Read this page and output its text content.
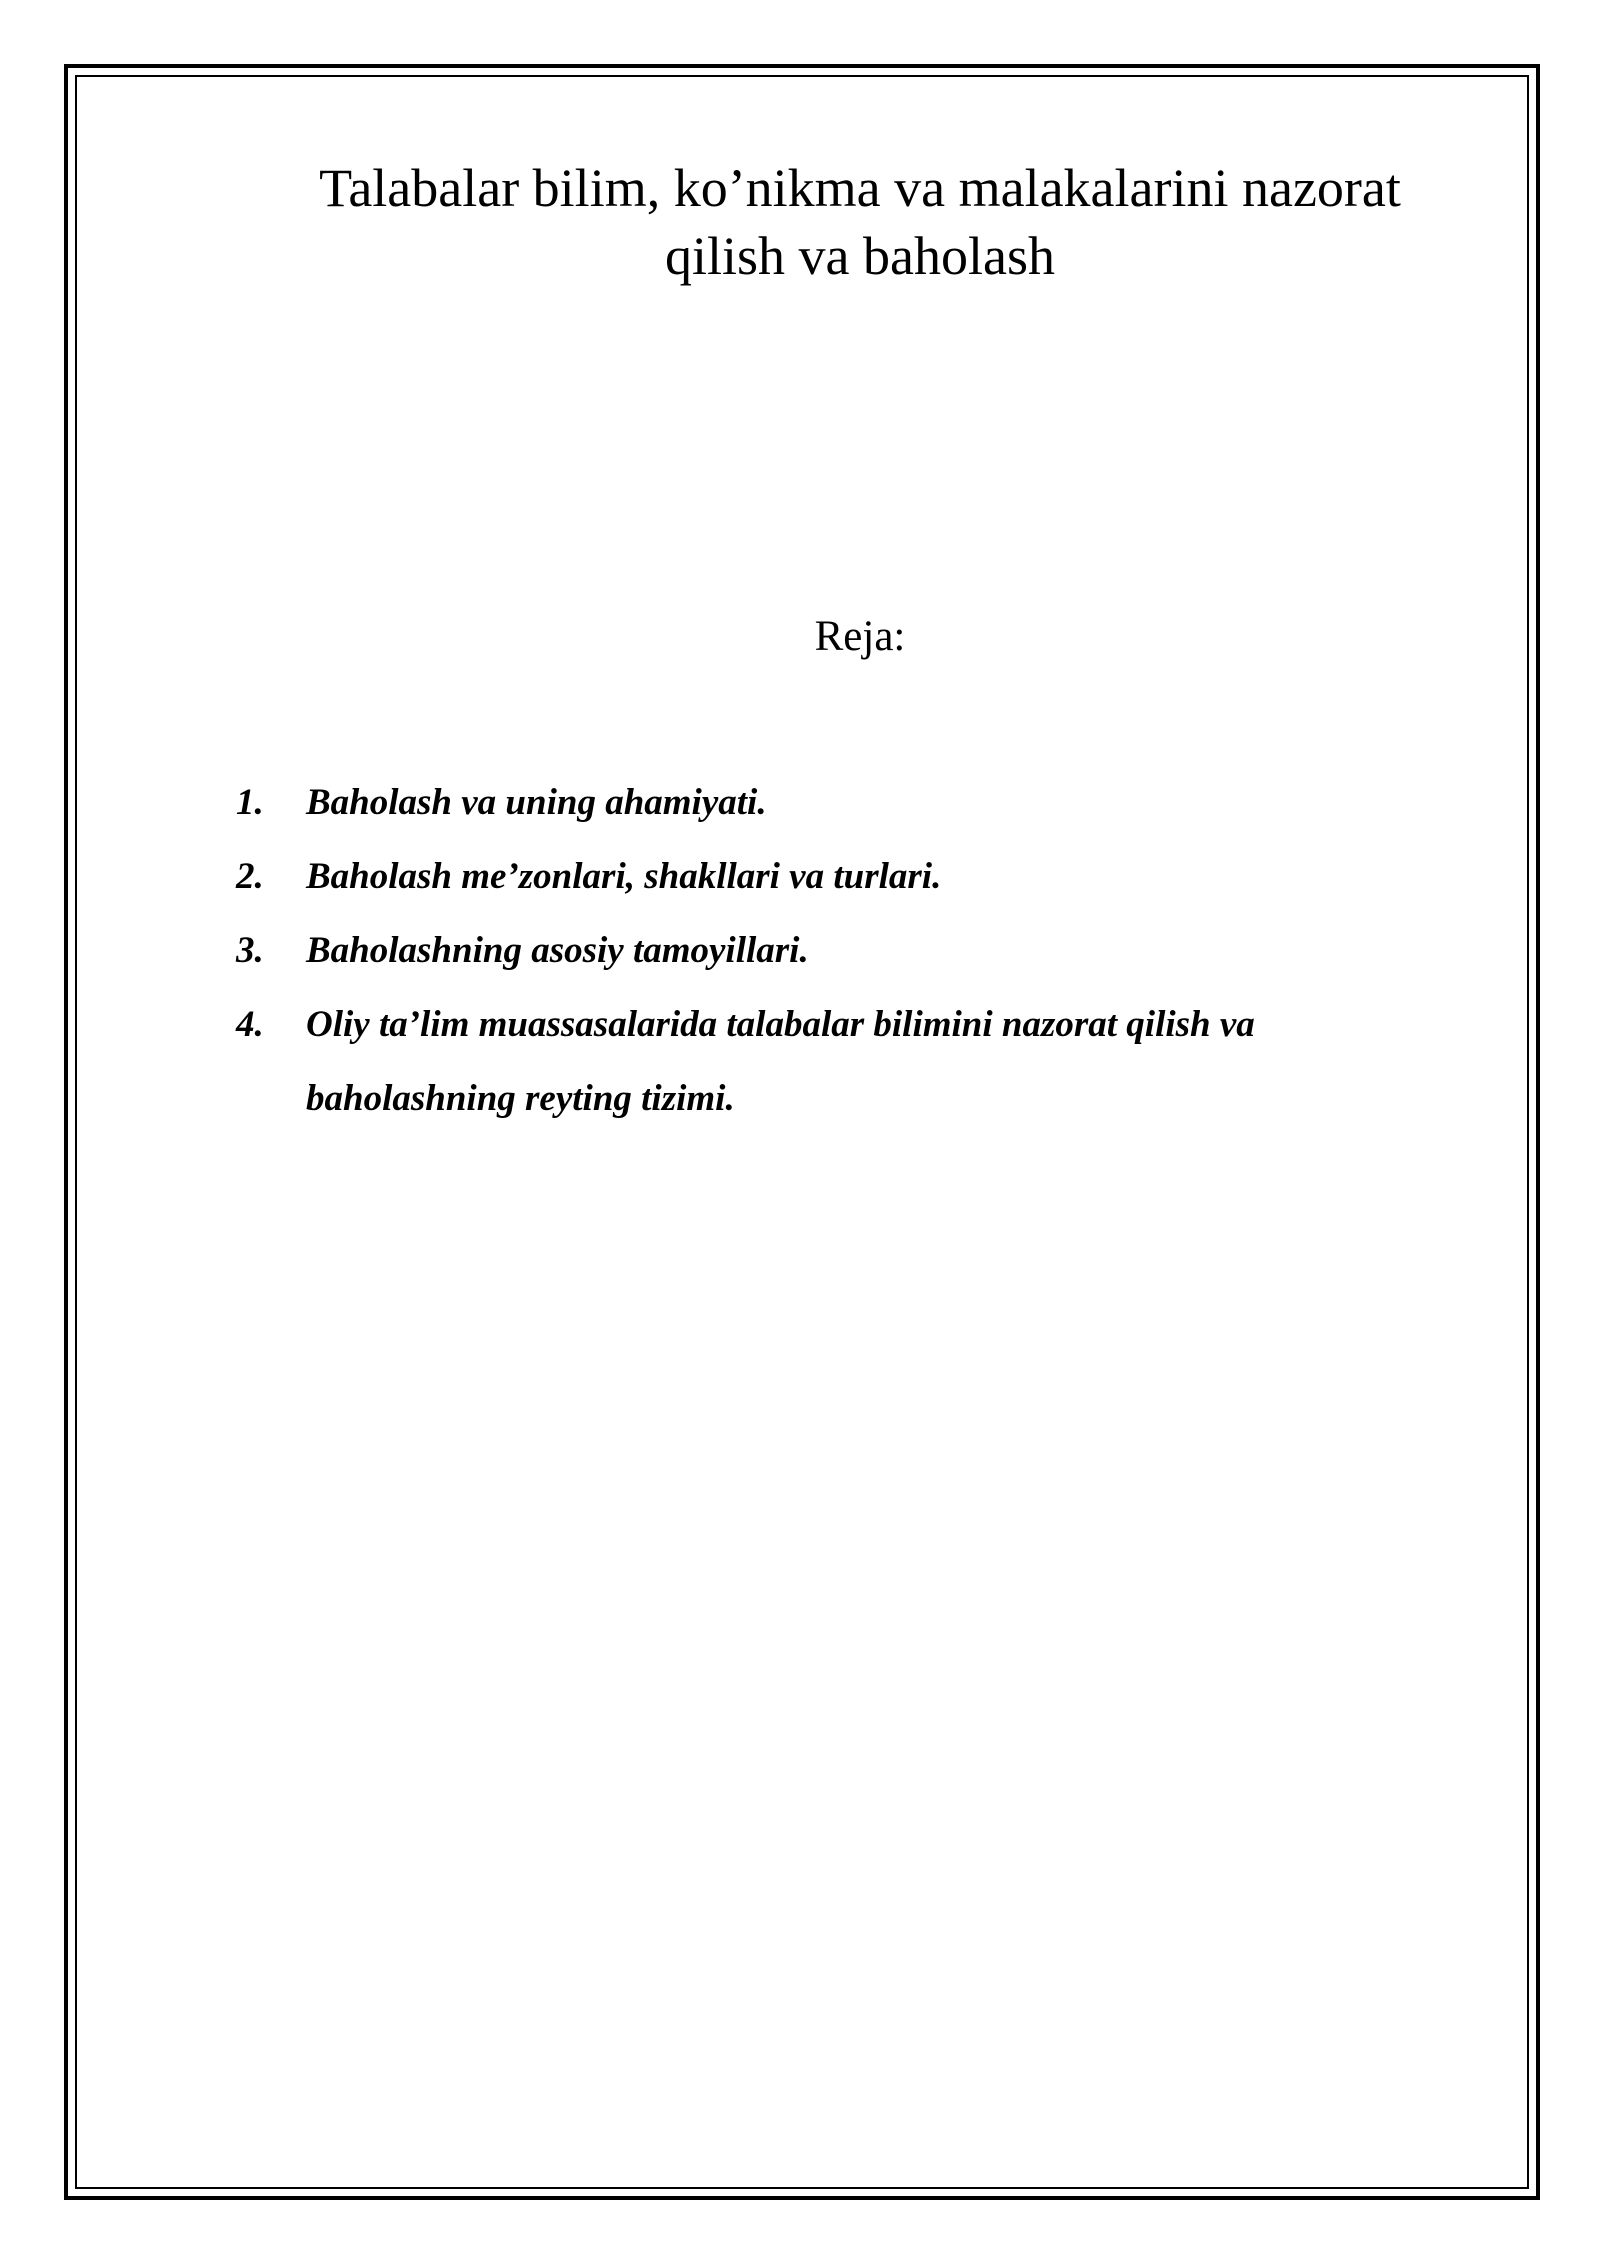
Talabalar bilim, ko’nikma va malakalarini nazorat
qilish va baholash
Reja:
1. Baholash va uning ahamiyati.
2. Baholash me’zonlari, shakllari va turlari.
3. Baholashning asosiy tamoyillari.
4. Oliy ta’lim muassasalarida talabalar bilimini nazorat qilish va baholashning reyting tizimi.
